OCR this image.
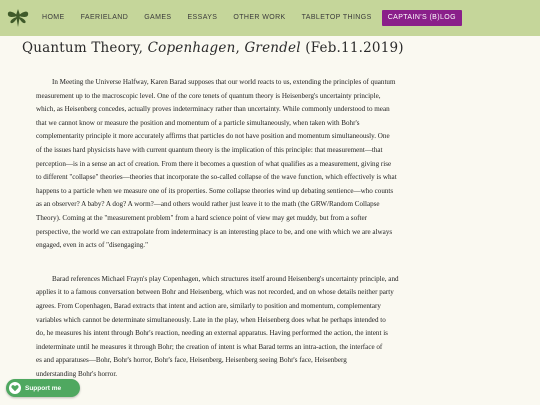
HOME	FAERIELAND	GAMES	ESSAYS	OTHER WORK	TABLETOP THINGS	CAPTAIN'S (B)LOG
Quantum Theory, Copenhagen, Grendel (Feb.11.2019)

In Meeting the Universe Halfway, Karen Barad supposes that our world reacts to us, extending the principles of quantum
measurement up to the macroscopic level. One of the core tenets of quantum theory is Heisenberg's uncertainty principle,
which, as Heisenberg concedes, actually proves indeterminacy rather than uncertainty. While commonly understood to mean
that we cannot know or measure the position and momentum of a particle simultaneously, when taken with Bohr's
complementarity principle it more accurately affirms that particles do not have position and momentum simultaneously. One
of the issues hard physicists have with current quantum theory is the implication of this principle: that measurement—that
perception—is in a sense an act of creation. From there it becomes a question of what qualifies as a measurement, giving rise
to different "collapse" theories—theories that incorporate the so-called collapse of the wave function, which effectively is what
happens to a particle when we measure one of its properties. Some collapse theories wind up debating sentience—who counts
as an observer? A baby? A dog? A worm?—and others would rather just leave it to the math (the GRW/Random Collapse
Theory). Coming at the "measurement problem" from a hard science point of view may get muddy, but from a softer
perspective, the world we can extrapolate from indeterminacy is an interesting place to be, and one with which we are always
engaged, even in acts of "disengaging."

Barad references Michael Frayn's play Copenhagen, which structures itself around Heisenberg's uncertainty principle, and
applies it to a famous conversation between Bohr and Heisenberg, which was not recorded, and on whose details neither party
agrees. From Copenhagen, Barad extracts that intent and action are, similarly to position and momentum, complementary
variables which cannot be determinate simultaneously. Late in the play, when Heisenberg does what he perhaps intended to
do, he measures his intent through Bohr's reaction, needing an external apparatus. Having performed the action, the intent is
indeterminate until he measures it through Bohr; the creation of intent is what Barad terms an intra-action, the interface of
es and apparatuses—Bohr, Bohr's horror, Bohr's face, Heisenberg, Heisenberg seeing Bohr's face, Heisenberg
understanding Bohr's horror.

Support me
